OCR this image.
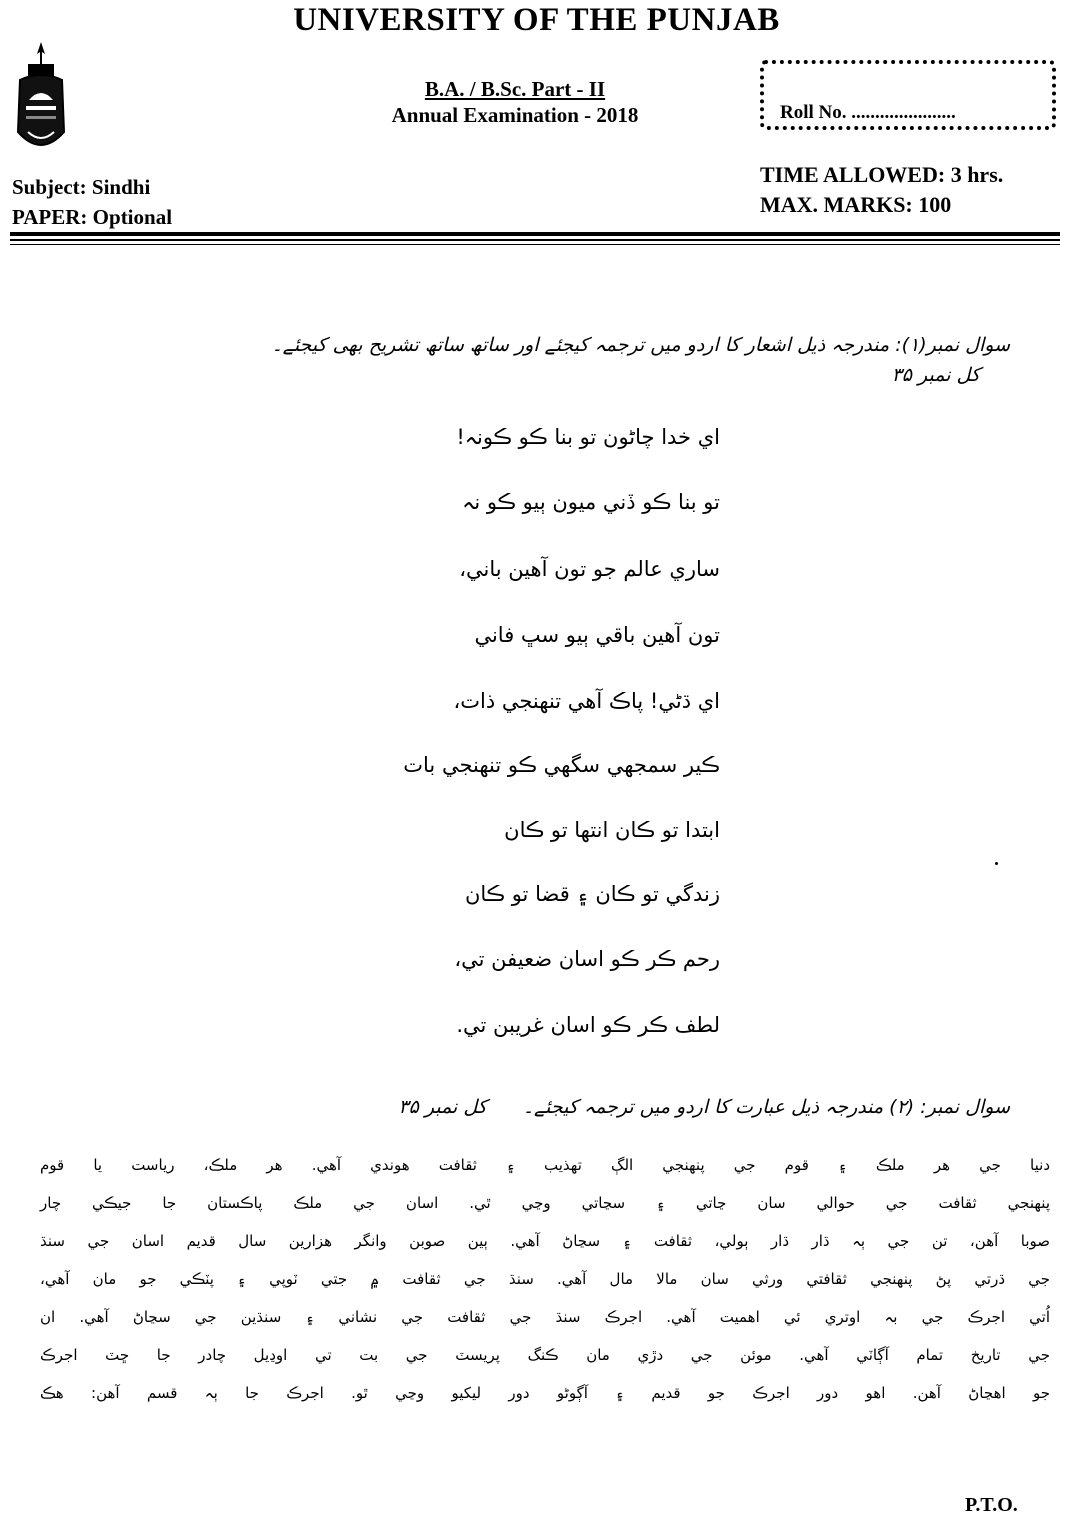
UNIVERSITY OF THE PUNJAB
B.A. / B.Sc. Part - II
Annual Examination - 2018	Roll No. ......................
Subject: Sindhi
PAPER: Optional
TIME ALLOWED: 3 hrs.
MAX. MARKS: 100
سوال نمبر(۱): مندرجہ ذیل اشعار کا اردو میں ترجمہ کیجئے اور ساتھ ساتھ تشریح بھی کیجئے۔ کل نمبر ۳۵
اي خدا چاڻون تو بنا ڪو ڪونہ!
تو بنا ڪو ڏني ميون ٻيو ڪو نہ
ساري عالم جو تون آهين باني،
تون آهين باقي ٻيو سڀ فاني
اي ڌڻي! پاڪ آهي تنهنجي ذات،
ڪير سمجهي سگهي ڪو تنهنجي بات
ابتدا تو ڪان انتها تو ڪان
زندگي تو ڪان ۽ قضا تو ڪان
رحم ڪر ڪو اسان ضعيفن تي،
لطف ڪر ڪو اسان غريبن تي.
سوال نمبر: (۲) مندرجہ ذیل عبارت کا اردو میں ترجمہ کیجئے۔ کل نمبر ۳۵
دنيا جي هر ملڪ ۽ قوم جي پنهنجي الڳ تهذيب ۽ ثقافت هوندي آهي. هر ملڪ، رياست يا قوم
پنهنجي ثقافت جي حوالي سان ڃاتي ۽ سڃاتي وڃي ٿي. اسان جي ملڪ پاڪستان جا جيڪي چار
صوبا آهن، تن جي ٻہ ڌار ڌار ٻولي، ثقافت ۽ سڃاڻ آهي. ٻين صوبن وانگر هزارين سال قديم اسان جي سنڌ
جي ڌرتي پڻ پنهنجي ثقافتي ورثي سان مالا مال آهي. سنڌ جي ثقافت ۾ جتي ٽوپي ۽ پٽڪي جو مان آهي،
اُتي اجرڪ جي بہ اوتري ئي اهميت آهي. اجرڪ سنڌ جي ثقافت جي نشاني ۽ سنڌين جي سڃاڻ آهي. ان
جي تاريخ تمام آڳاٽي آهي. موئن جي دڙي مان ڪنگ پريسٽ جي بت تي اوڍيل چادر جا ڇٽ اجرڪ
جو اهڃاڻ آهن. اهو دور اجرڪ جو قديم ۽ آڳوڻو دور ليکيو وڃي ٿو. اجرڪ جا ٻہ قسم آهن: هڪ
P.T.O.
